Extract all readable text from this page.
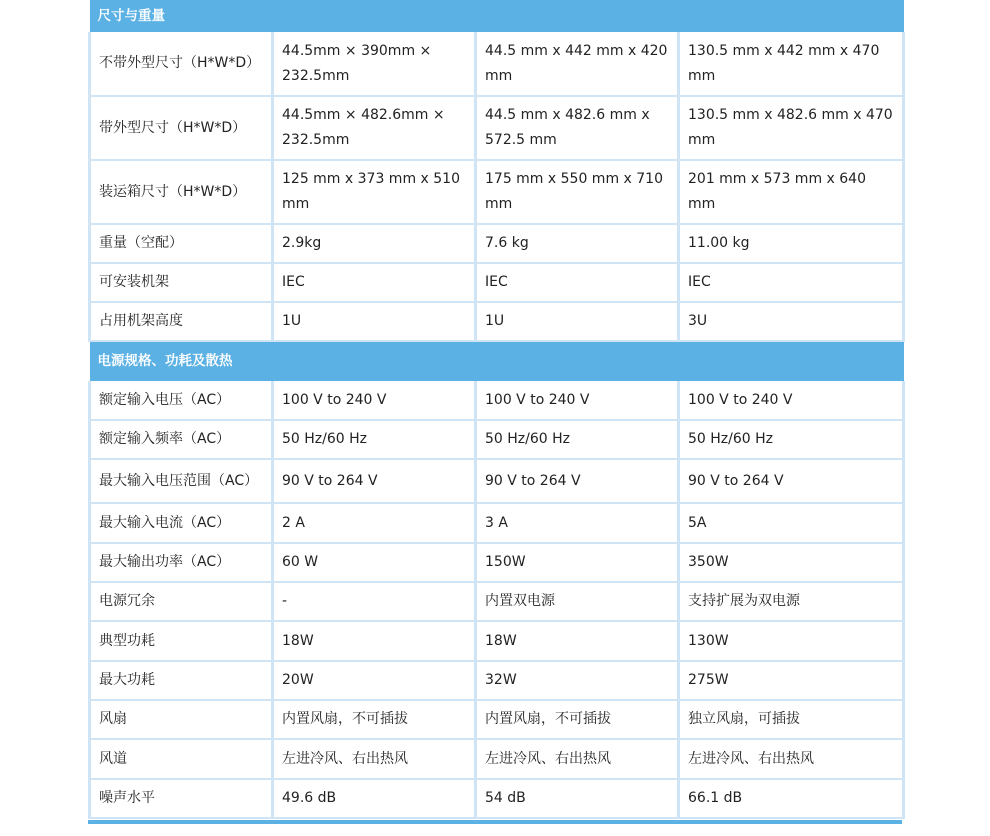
尺寸与重量			
不带外型尺寸（H*W*D）	44.5mm × 390mm × 232.5mm	44.5 mm x 442 mm x 420 mm	130.5 mm x 442 mm x 470 mm
带外型尺寸（H*W*D）	44.5mm × 482.6mm × 232.5mm	44.5 mm x 482.6 mm x 572.5 mm	130.5 mm x 482.6 mm x 470 mm
装运箱尺寸（H*W*D）	125 mm x 373 mm x 510 mm	175 mm x 550 mm x 710 mm	201 mm x 573 mm x 640 mm
重量（空配）	2.9kg	7.6 kg	11.00 kg
可安装机架	IEC	IEC	IEC
占用机架高度	1U	1U	3U
电源规格、功耗及散热			
额定输入电压（AC）	100 V to 240 V	100 V to 240 V	100 V to 240 V
额定输入频率（AC）	50 Hz/60 Hz	50 Hz/60 Hz	50 Hz/60 Hz
最大输入电压范围（AC）	90 V to 264 V	90 V to 264 V	90 V to 264 V
最大输入电流（AC）	2 A	3 A	5A
最大输出功率（AC）	60 W	150W	350W
电源冗余	-	内置双电源	支持扩展为双电源
典型功耗	18W	18W	130W
最大功耗	20W	32W	275W
风扇	内置风扇，不可插拔	内置风扇，不可插拔	独立风扇，可插拔
风道	左进冷风、右出热风	左进冷风、右出热风	左进冷风、右出热风
噪声水平	49.6 dB	54 dB	66.1 dB
